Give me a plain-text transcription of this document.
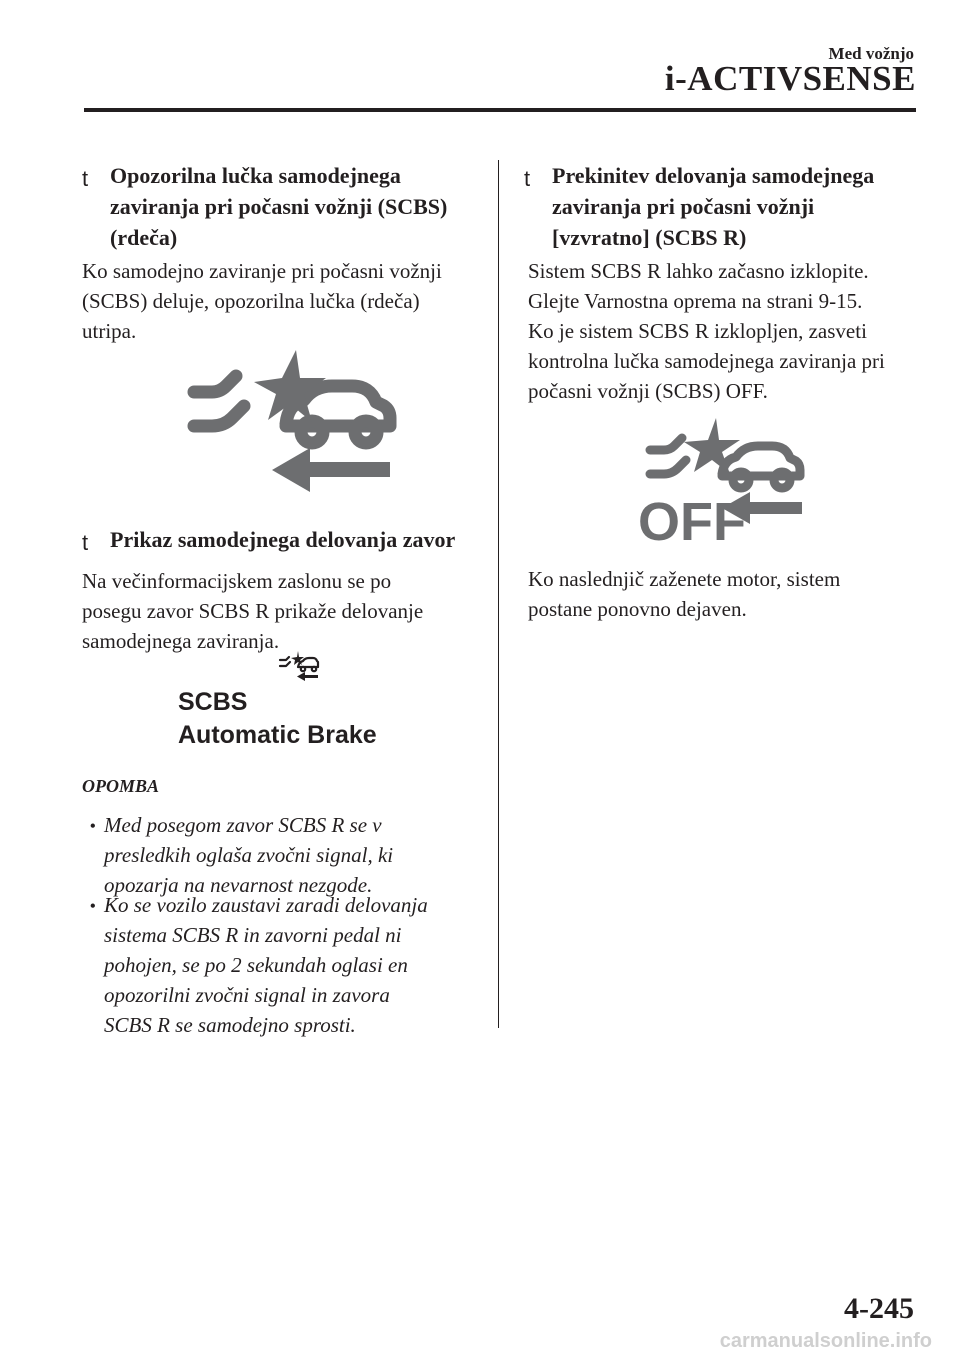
Med vožnjo
i-ACTIVSENSE
t Opozorilna lučka samodejnega
zaviranja pri počasni vožnji (SCBS)
(rdeča)
Ko samodejno zaviranje pri počasni vožnji
(SCBS) deluje, opozorilna lučka (rdeča)
utripa.
t Prikaz samodejnega delovanja zavor
Na večinformacijskem zaslonu se po
posegu zavor SCBS R prikaže delovanje
samodejnega zaviranja.
SCBS
Automatic Brake
OPOMBA
• Med posegom zavor SCBS R se v
presledkih oglaša zvočni signal, ki
opozarja na nevarnost nezgode.
• Ko se vozilo zaustavi zaradi delovanja
sistema SCBS R in zavorni pedal ni
pohojen, se po 2 sekundah oglasi en
opozorilni zvočni signal in zavora
SCBS R se samodejno sprosti.
t Prekinitev delovanja samodejnega
zaviranja pri počasni vožnji
[vzvratno] (SCBS R)
Sistem SCBS R lahko začasno izklopite.
Glejte Varnostna oprema na strani 9-15.
Ko je sistem SCBS R izklopljen, zasveti
kontrolna lučka samodejnega zaviranja pri
počasni vožnji (SCBS) OFF.
OFF
Ko naslednjič zaženete motor, sistem
postane ponovno dejaven.
4-245
carmanualsonline.info
